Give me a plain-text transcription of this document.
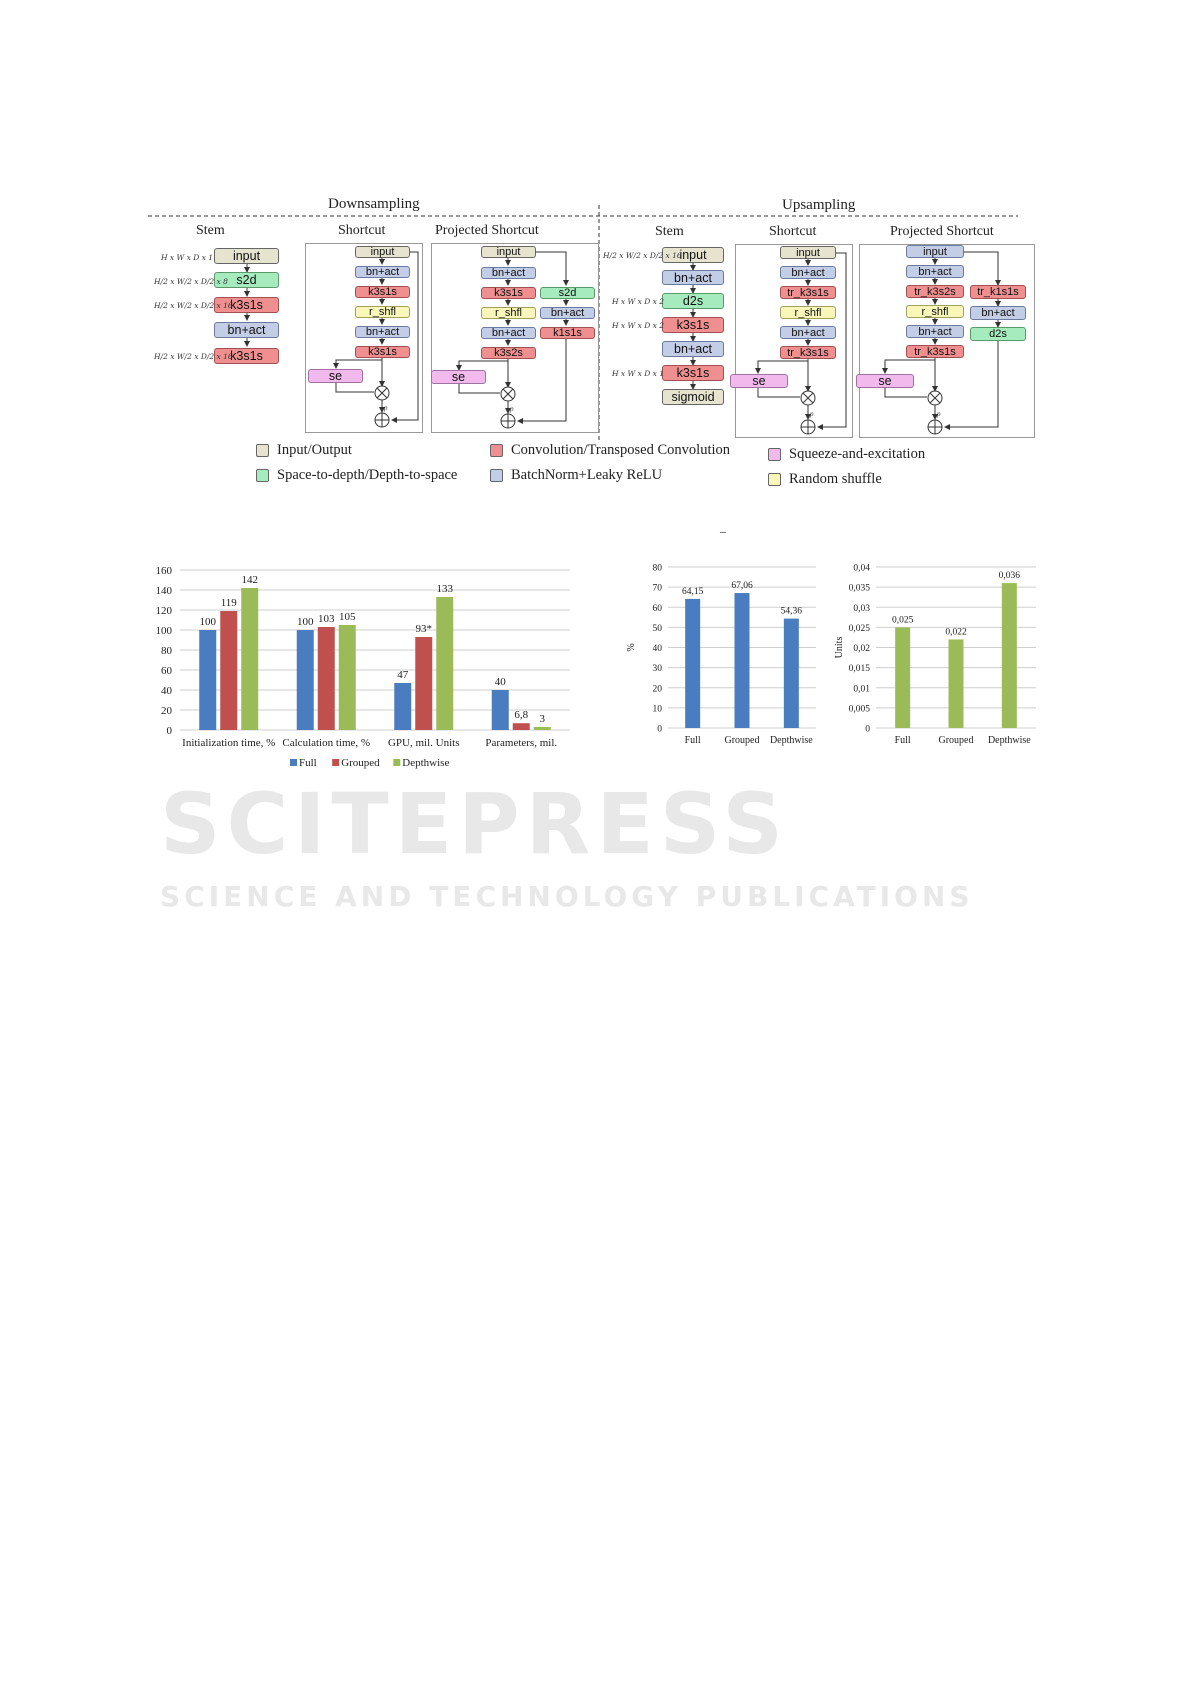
Downsampling	Upsampling
Stem	Shortcut	Projected Shortcut	Stem	Shortcut	Projected Shortcut
p	p
p	p
input
s2d
k3s1s
bn+act
k3s1s
H x W x D x 1
H/2 x W/2 x D/2 x 8
H/2 x W/2 x D/2 x 16
H/2 x W/2 x D/2 x 16
input
bn+act
k3s1s
r_shfl
bn+act
k3s1s
se
input
bn+act
k3s1s
r_shfl
bn+act
k3s2s
se
s2d
bn+act
k1s1s
input
bn+act
d2s
k3s1s
bn+act
k3s1s
sigmoid
H/2 x W/2 x D/2 x 16
H x W x D x 2
H x W x D x 2
H x W x D x 1
input
bn+act
tr_k3s1s
r_shfl
bn+act
tr_k3s1s
se
input
bn+act
tr_k3s2s
r_shfl
bn+act
tr_k3s1s
se
tr_k1s1s
bn+act
d2s
Input/Output
Space-to-depth/Depth-to-space
Convolution/Transposed Convolution
BatchNorm+Leaky ReLU
Squeeze-and-excitation
Random shuffle
–
SCITEPRESS
SCIENCE AND TECHNOLOGY PUBLICATIONS
0
20
40
60
80
100
120
140
160
100
119
142
Initialization time, %
100 103 105
Calculation time, %
47
93*
133
GPU, mil. Units
40
6,8 3
Parameters, mil.
Full Grouped Depthwise
0
10
20
30
40
50
60
70
80
%
64,15
Full
67,06
Grouped
54,36
Depthwise
0
0,005
0,01
0,015
0,02
0,025
0,03
0,035
0,04
Units
0,025
Full
0,022
Grouped
0,036
Depthwise
